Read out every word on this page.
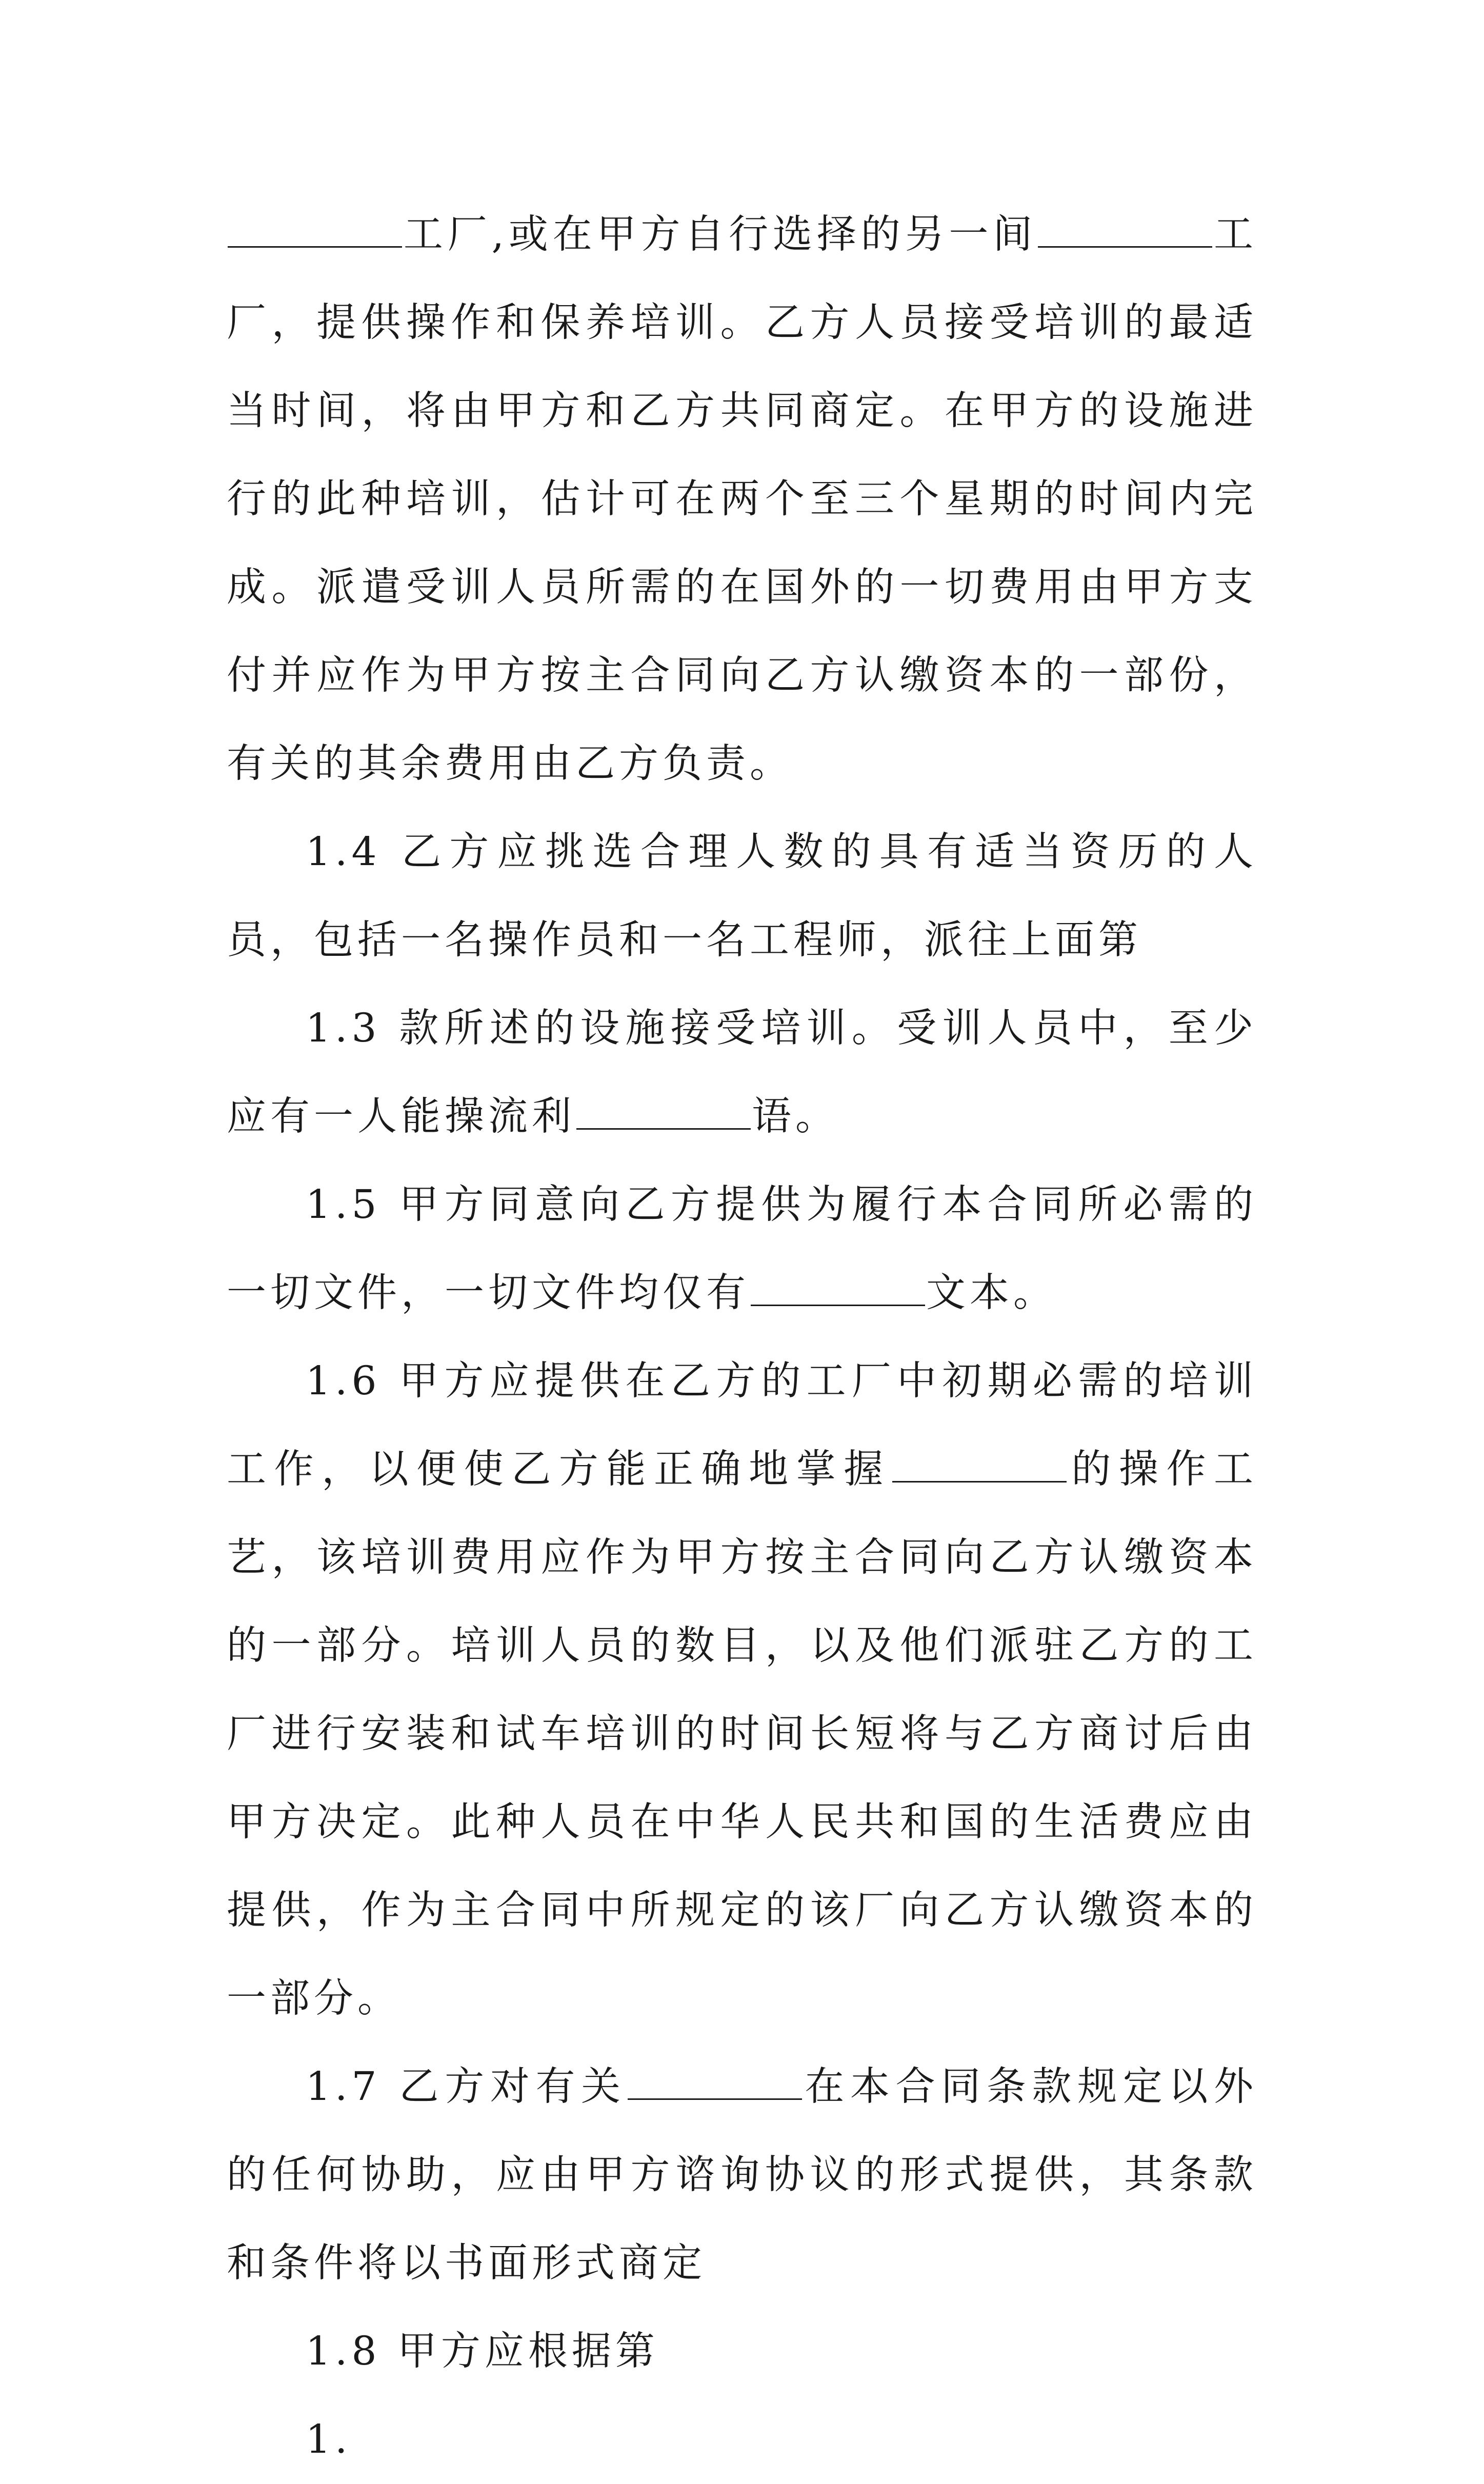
工厂,或在甲方自行选择的另一间	工厂，提供操作和保养培训。乙方人员接受培训的最适当时间，将由甲方和乙方共同商定。在甲方的设施进行的此种培训，估计可在两个至三个星期的时间内完成。派遣受训人员所需的在国外的一切费用由甲方支付并应作为甲方按主合同向乙方认缴资本的一部份，有关的其余费用由乙方负责。

1.4 乙方应挑选合理人数的具有适当资历的人员，包括一名操作员和一名工程师，派往上面第

1.3 款所述的设施接受培训。受训人员中，至少应有一人能操流利	语。

1.5 甲方同意向乙方提供为履行本合同所必需的一切文件，一切文件均仅有	文本。

1.6 甲方应提供在乙方的工厂中初期必需的培训工作，以便使乙方能正确地掌握	的操作工艺，该培训费用应作为甲方按主合同向乙方认缴资本的一部分。培训人员的数目，以及他们派驻乙方的工厂进行安装和试车培训的时间长短将与乙方商讨后由甲方决定。此种人员在中华人民共和国的生活费应由提供，作为主合同中所规定的该厂向乙方认缴资本的一部分。

1.7 乙方对有关	在本合同条款规定以外的任何协助，应由甲方谘询协议的形式提供，其条款和条件将以书面形式商定

1.8 甲方应根据第

1.
